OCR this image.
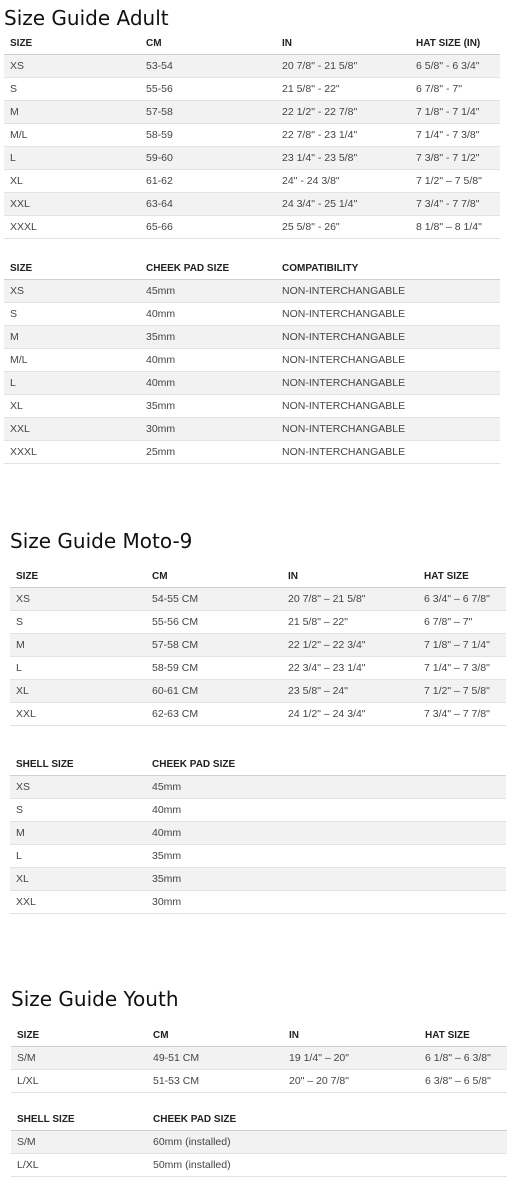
Size Guide Adult
SIZE	CM	IN	HAT SIZE (IN)
XS	53-54	20 7/8" - 21 5/8"	6 5/8" - 6 3/4"
S	55-56	21 5/8" - 22"	6 7/8" - 7"
M	57-58	22 1/2" - 22 7/8"	7 1/8" - 7 1/4"
M/L	58-59	22 7/8" - 23 1/4"	7 1/4" - 7 3/8"
L	59-60	23 1/4" - 23 5/8"	7 3/8" - 7 1/2"
XL	61-62	24" - 24 3/8"	7 1/2" – 7 5/8"
XXL	63-64	24 3/4" - 25 1/4"	7 3/4" - 7 7/8"
XXXL	65-66	25 5/8" - 26"	8 1/8" – 8 1/4"
SIZE	CHEEK PAD SIZE	COMPATIBILITY	
XS	45mm	NON-INTERCHANGABLE	
S	40mm	NON-INTERCHANGABLE	
M	35mm	NON-INTERCHANGABLE	
M/L	40mm	NON-INTERCHANGABLE	
L	40mm	NON-INTERCHANGABLE	
XL	35mm	NON-INTERCHANGABLE	
XXL	30mm	NON-INTERCHANGABLE	
XXXL	25mm	NON-INTERCHANGABLE	
Size Guide Moto-9
SIZE	CM	IN	HAT SIZE
XS	54-55 CM	20 7/8" – 21 5/8"	6 3/4" – 6 7/8"
S	55-56 CM	21 5/8" – 22"	6 7/8" – 7"
M	57-58 CM	22 1/2" – 22 3/4"	7 1/8" – 7 1/4"
L	58-59 CM	22 3/4" – 23 1/4"	7 1/4" – 7 3/8"
XL	60-61 CM	23 5/8" – 24"	7 1/2" – 7 5/8"
XXL	62-63 CM	24 1/2" – 24 3/4"	7 3/4" – 7 7/8"
SHELL SIZE	CHEEK PAD SIZE		
XS	45mm		
S	40mm		
M	40mm		
L	35mm		
XL	35mm		
XXL	30mm		
Size Guide Youth
SIZE	CM	IN	HAT SIZE
S/M	49-51 CM	19 1/4" – 20"	6 1/8" – 6 3/8"
L/XL	51-53 CM	20" – 20 7/8"	6 3/8" – 6 5/8"
SHELL SIZE	CHEEK PAD SIZE		
S/M	60mm (installed)		
L/XL	50mm (installed)		
